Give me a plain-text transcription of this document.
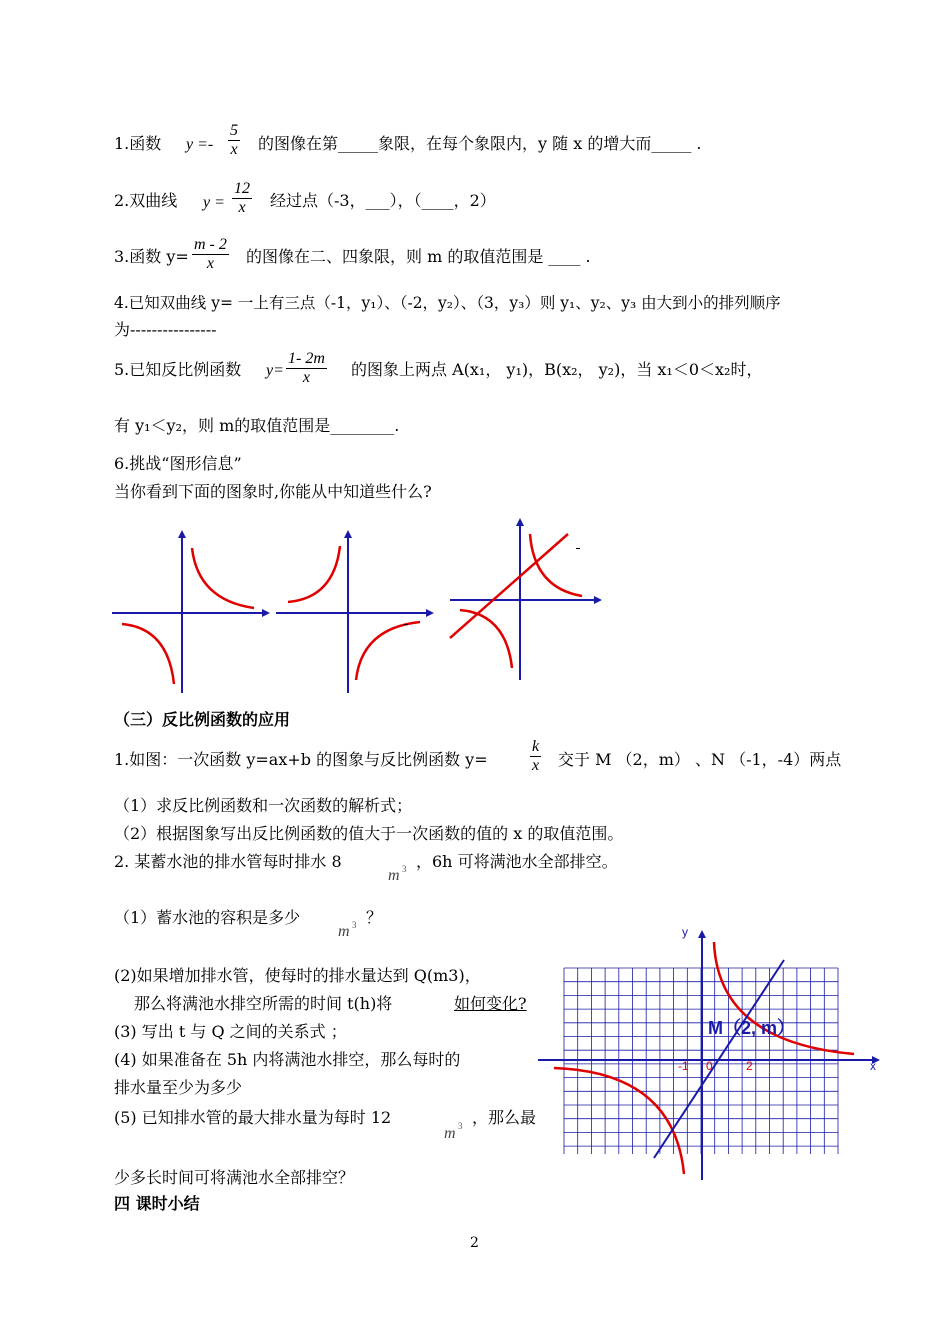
1.函数 $y =- \frac{5}{x}$ 的图像在第_____象限，在每个象限内，y 随 x 的增大而_____ .
2.双曲线 $y = \frac{12}{x}$ 经过点（-3，___），（____，2）
3.函数 $y= \frac{m - 2}{x}$ 的图像在二、四象限，则 m 的取值范围是 ____ .
4.已知双曲线 y= 一上有三点（-1，y₁）、（-2，y₂）、（3，y₃）则 y₁、y₂、y₃ 由大到小的排列顺序
为----------------
5.已知反比例函数 $y= \frac{1- 2m}{x}$ 的图象上两点 A(x₁， y₁)，B(x₂， y₂)，当 x₁＜0＜x₂时，
有 y₁＜y₂，则 m的取值范围是________.
6.挑战“图形信息”
当你看到下面的图象时,你能从中知道些什么?
（三）反比例函数的应用
1.如图：一次函数 y=ax+b 的图象与反比例函数 y=	$\frac{k}{x}$ 交于 M （2，m） 、N （-1，-4）两点
（1）求反比例函数和一次函数的解析式；
（2）根据图象写出反比例函数的值大于一次函数的值的 x 的取值范围。
2. 某蓄水池的排水管每时排水 8
m 3 ，6h 可将满池水全部排空。
（1）蓄水池的容积是多少
m 3 ？
(2)如果增加排水管，使每时的排水量达到 Q(m3)，
那么将满池水排空所需的时间 t(h)将	如何变化?
(3) 写出 t 与 Q 之间的关系式 ；
(4) 如果准备在 5h 内将满池水排空，那么每时的
排水量至少为多少
(5) 已知排水管的最大排水量为每时 12
m 3 ，那么最
少多长时间可将满池水全部排空？
四 课时小结
y
x
M（2, m）
-1 0	2
2
